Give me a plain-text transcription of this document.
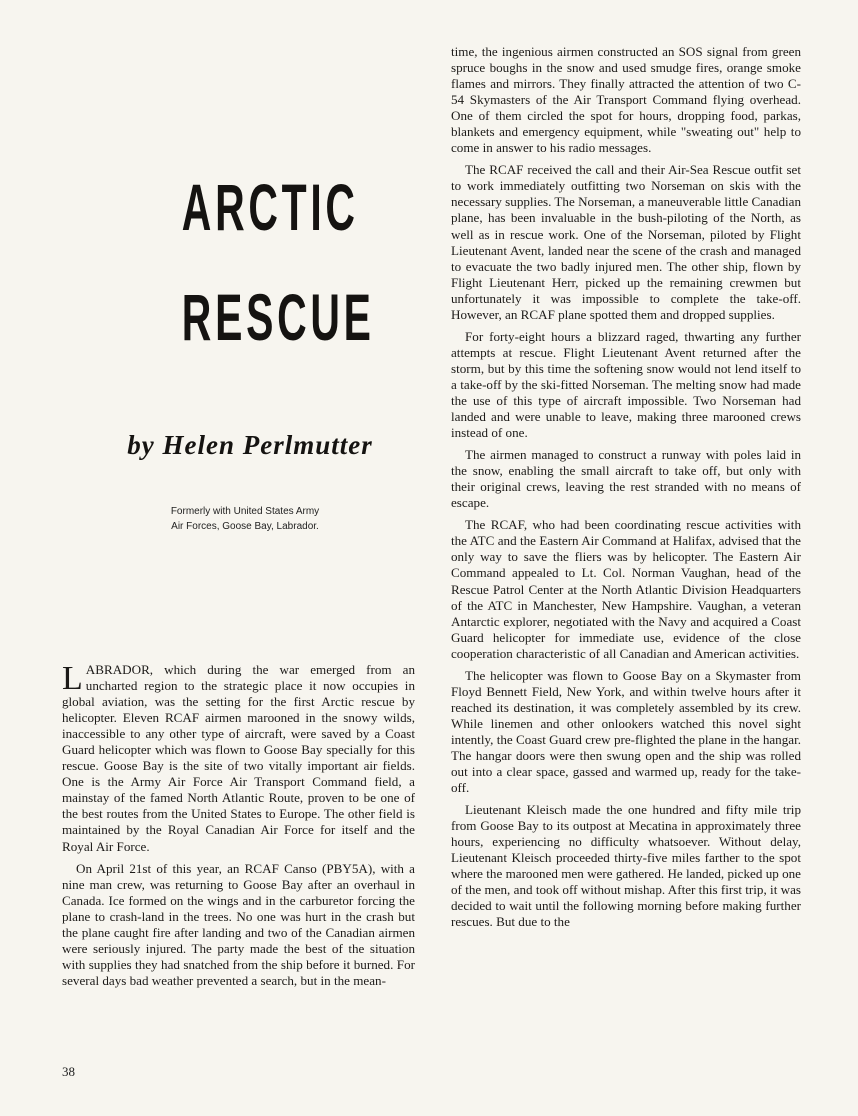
ARCTIC
RESCUE
by Helen Perlmutter
Formerly with United States Army
Air Forces, Goose Bay, Labrador.

LABRADOR, which during the war emerged from an uncharted region to the strategic place it now occupies in global aviation, was the setting for the first Arctic rescue by helicopter. Eleven RCAF airmen marooned in the snowy wilds, inaccessible to any other type of aircraft, were saved by a Coast Guard helicopter which was flown to Goose Bay specially for this rescue. Goose Bay is the site of two vitally important air fields. One is the Army Air Force Air Transport Command field, a mainstay of the famed North Atlantic Route, proven to be one of the best routes from the United States to Europe. The other field is maintained by the Royal Canadian Air Force for itself and the Royal Air Force.

On April 21st of this year, an RCAF Canso (PBY5A), with a nine man crew, was returning to Goose Bay after an overhaul in Canada. Ice formed on the wings and in the carburetor forcing the plane to crash-land in the trees. No one was hurt in the crash but the plane caught fire after landing and two of the Canadian airmen were seriously injured. The party made the best of the situation with supplies they had snatched from the ship before it burned. For several days bad weather prevented a search, but in the mean-

time, the ingenious airmen constructed an SOS signal from green spruce boughs in the snow and used smudge fires, orange smoke flames and mirrors. They finally attracted the attention of two C-54 Skymasters of the Air Transport Command flying overhead. One of them circled the spot for hours, dropping food, parkas, blankets and emergency equipment, while "sweating out" help to come in answer to his radio messages.

The RCAF received the call and their Air-Sea Rescue outfit set to work immediately outfitting two Norseman on skis with the necessary supplies. The Norseman, a maneuverable little Canadian plane, has been invaluable in the bush-piloting of the North, as well as in rescue work. One of the Norseman, piloted by Flight Lieutenant Avent, landed near the scene of the crash and managed to evacuate the two badly injured men. The other ship, flown by Flight Lieutenant Herr, picked up the remaining crewmen but unfortunately it was impossible to complete the take-off. However, an RCAF plane spotted them and dropped supplies.

For forty-eight hours a blizzard raged, thwarting any further attempts at rescue. Flight Lieutenant Avent returned after the storm, but by this time the softening snow would not lend itself to a take-off by the ski-fitted Norseman. The melting snow had made the use of this type of aircraft impossible. Two Norseman had landed and were unable to leave, making three marooned crews instead of one.

The airmen managed to construct a runway with poles laid in the snow, enabling the small aircraft to take off, but only with their original crews, leaving the rest stranded with no means of escape.

The RCAF, who had been coordinating rescue activities with the ATC and the Eastern Air Command at Halifax, advised that the only way to save the fliers was by helicopter. The Eastern Air Command appealed to Lt. Col. Norman Vaughan, head of the Rescue Patrol Center at the North Atlantic Division Headquarters of the ATC in Manchester, New Hampshire. Vaughan, a veteran Antarctic explorer, negotiated with the Navy and acquired a Coast Guard helicopter for immediate use, evidence of the close cooperation characteristic of all Canadian and American activities.

The helicopter was flown to Goose Bay on a Skymaster from Floyd Bennett Field, New York, and within twelve hours after it reached its destination, it was completely assembled by its crew. While linemen and other onlookers watched this novel sight intently, the Coast Guard crew pre-flighted the plane in the hangar. The hangar doors were then swung open and the ship was rolled out into a clear space, gassed and warmed up, ready for the take-off.

Lieutenant Kleisch made the one hundred and fifty mile trip from Goose Bay to its outpost at Mecatina in approximately three hours, experiencing no difficulty whatsoever. Without delay, Lieutenant Kleisch proceeded thirty-five miles farther to the spot where the marooned men were gathered. He landed, picked up one of the men, and took off without mishap. After this first trip, it was decided to wait until the following morning before making further rescues. But due to the

38
